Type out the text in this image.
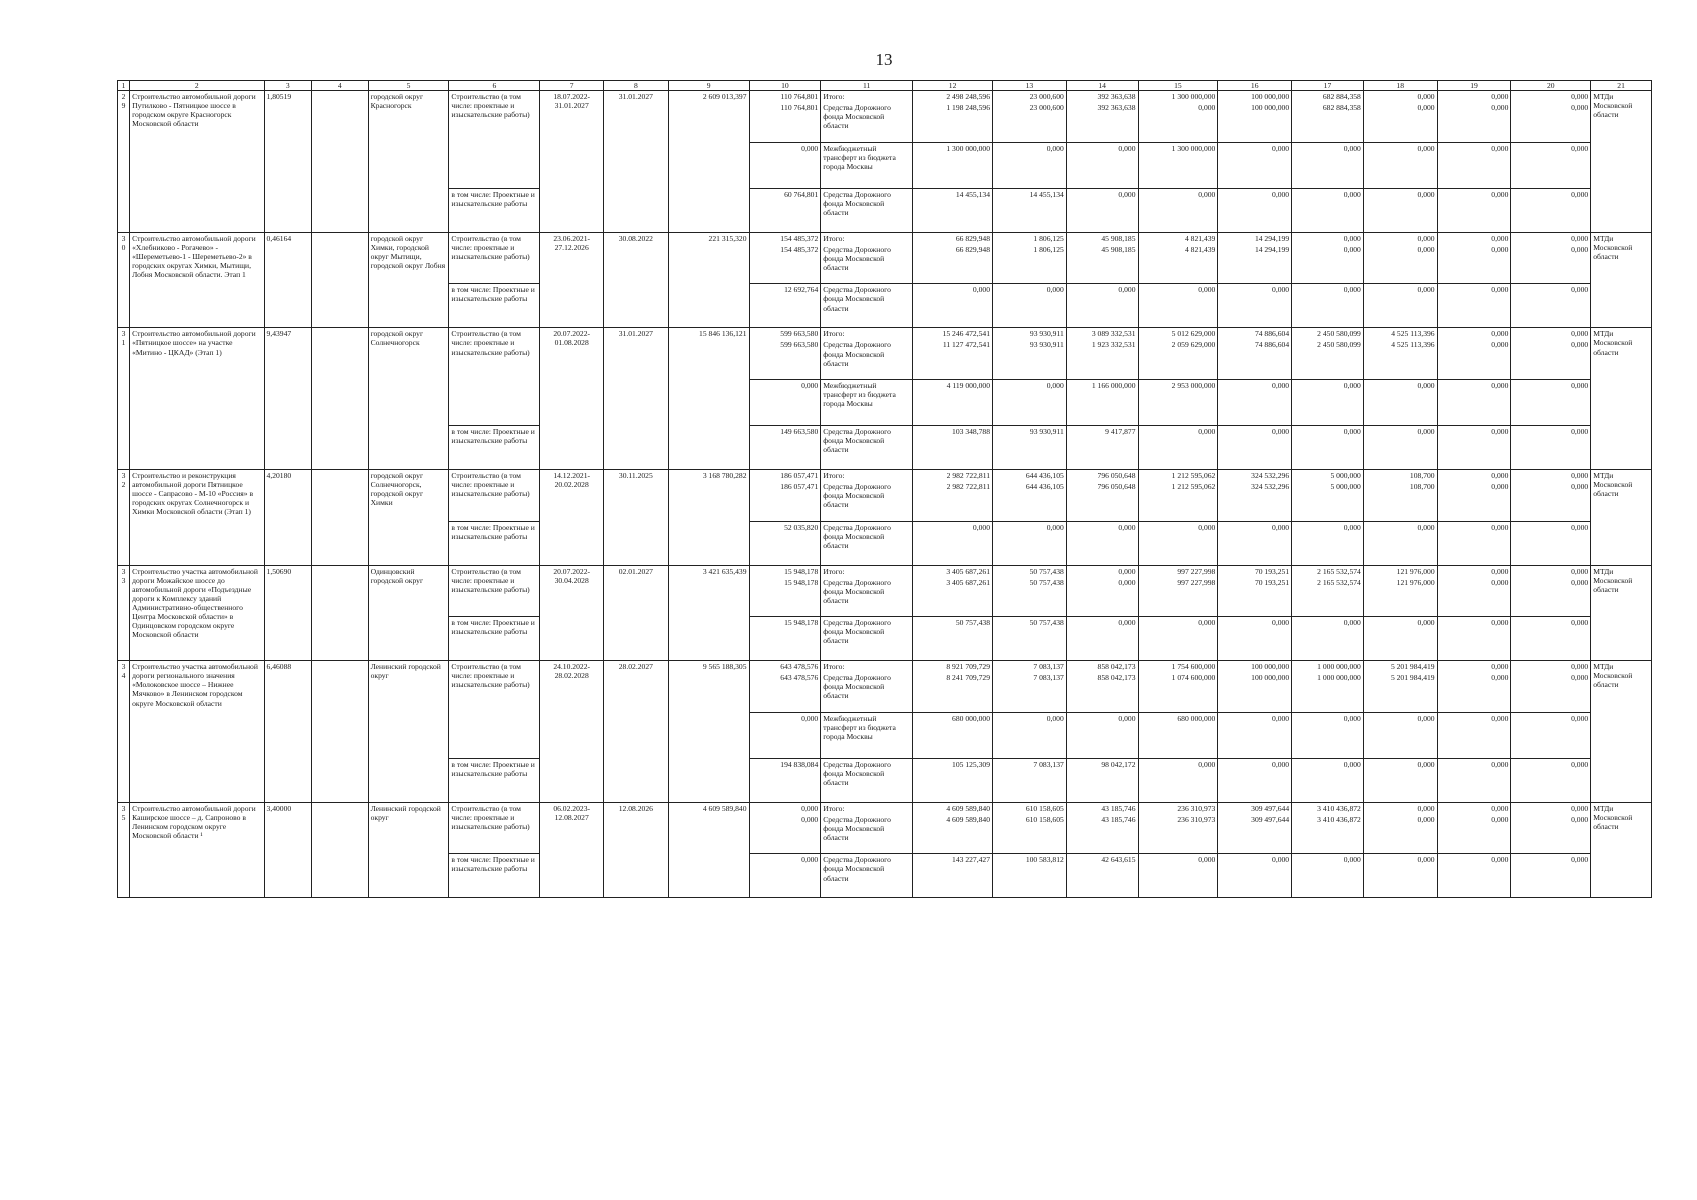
13
1	2	3	4	5	6	7	8	9	10	11	12	13	14	15	16	17	18	19	20	21
29	Строительство автомобильной дороги Путилково - Пятницкое шоссе в городском округе Красногорск Московской области	1,80519		городской округ Красногорск	Строительство (в том числе: проектные и изыскательские работы)	18.07.2022-31.01.2027	31.01.2027	2 609 013,397	110 764,801	Итого:	2 498 248,596	23 000,600	392 363,638	1 300 000,000	100 000,000	682 884,358	0,000	0,000	0,000	МТДи Московской области
									110 764,801	Средства Дорожного фонда Московской области	1 198 248,596	23 000,600	392 363,638	0,000	100 000,000	682 884,358	0,000	0,000	0,000	
									0,000	Межбюджетный трансферт из бюджета города Москвы	1 300 000,000	0,000	0,000	1 300 000,000	0,000	0,000	0,000	0,000	0,000	
					в том числе: Проектные и изыскательские работы				60 764,801	Средства Дорожного фонда Московской области	14 455,134	14 455,134	0,000	0,000	0,000	0,000	0,000	0,000	0,000	
30	Строительство автомобильной дороги «Хлебниково - Рогачево» - «Шереметьево-1 - Шереметьево-2» в городских округах Химки, Мытищи, Лобня Московской области. Этап 1	0,46164		городской округ Химки, городской округ Мытищи, городской округ Лобня	Строительство (в том числе: проектные и изыскательские работы)	23.06.2021-27.12.2026	30.08.2022	221 315,320	154 485,372	Итого:	66 829,948	1 806,125	45 908,185	4 821,439	14 294,199	0,000	0,000	0,000	0,000	МТДи Московской области
									154 485,372	Средства Дорожного фонда Московской области	66 829,948	1 806,125	45 908,185	4 821,439	14 294,199	0,000	0,000	0,000	0,000	
					в том числе: Проектные и изыскательские работы				12 692,764	Средства Дорожного фонда Московской области	0,000	0,000	0,000	0,000	0,000	0,000	0,000	0,000	0,000	
31	Строительство автомобильной дороги «Пятницкое шоссе» на участке «Митино - ЦКАД» (Этап 1)	9,43947		городской округ Солнечногорск	Строительство (в том числе: проектные и изыскательские работы)	20.07.2022-01.08.2028	31.01.2027	15 846 136,121	599 663,580	Итого:	15 246 472,541	93 930,911	3 089 332,531	5 012 629,000	74 886,604	2 450 580,099	4 525 113,396	0,000	0,000	МТДи Московской области
									599 663,580	Средства Дорожного фонда Московской области	11 127 472,541	93 930,911	1 923 332,531	2 059 629,000	74 886,604	2 450 580,099	4 525 113,396	0,000	0,000	
									0,000	Межбюджетный трансферт из бюджета города Москвы	4 119 000,000	0,000	1 166 000,000	2 953 000,000	0,000	0,000	0,000	0,000	0,000	
					в том числе: Проектные и изыскательские работы				149 663,580	Средства Дорожного фонда Московской области	103 348,788	93 930,911	9 417,877	0,000	0,000	0,000	0,000	0,000	0,000	
32	Строительство и реконструкция автомобильной дороги Пятницкое шоссе - Сапрасово - М-10 «Россия» в городских округах Солнечногорск и Химки Московской области (Этап 1)	4,20180		городской округ Солнечногорск, городской округ Химки	Строительство (в том числе: проектные и изыскательские работы)	14.12.2021-20.02.2028	30.11.2025	3 168 780,282	186 057,471	Итого:	2 982 722,811	644 436,105	796 050,648	1 212 595,062	324 532,296	5 000,000	108,700	0,000	0,000	МТДи Московской области
									186 057,471	Средства Дорожного фонда Московской области	2 982 722,811	644 436,105	796 050,648	1 212 595,062	324 532,296	5 000,000	108,700	0,000	0,000	
					в том числе: Проектные и изыскательские работы				52 035,820	Средства Дорожного фонда Московской области	0,000	0,000	0,000	0,000	0,000	0,000	0,000	0,000	0,000	
33	Строительство участка автомобильной дороги Можайское шоссе до автомобильной дороги «Подъездные дороги к Комплексу зданий Административно-общественного Центра Московской области» в Одинцовском городском округе Московской области	1,50690		Одинцовский городской округ	Строительство (в том числе: проектные и изыскательские работы)	20.07.2022-30.04.2028	02.01.2027	3 421 635,439	15 948,178	Итого:	3 405 687,261	50 757,438	0,000	997 227,998	70 193,251	2 165 532,574	121 976,000	0,000	0,000	МТДи Московской области
									15 948,178	Средства Дорожного фонда Московской области	3 405 687,261	50 757,438	0,000	997 227,998	70 193,251	2 165 532,574	121 976,000	0,000	0,000	
					в том числе: Проектные и изыскательские работы				15 948,178	Средства Дорожного фонда Московской области	50 757,438	50 757,438	0,000	0,000	0,000	0,000	0,000	0,000	0,000	
34	Строительство участка автомобильной дороги регионального значения «Молоковское шоссе – Нижнее Мячково» в Ленинском городском округе Московской области	6,46088		Ленинский городской округ	Строительство (в том числе: проектные и изыскательские работы)	24.10.2022-28.02.2028	28.02.2027	9 565 188,305	643 478,576	Итого:	8 921 709,729	7 083,137	858 042,173	1 754 600,000	100 000,000	1 000 000,000	5 201 984,419	0,000	0,000	МТДи Московской области
									643 478,576	Средства Дорожного фонда Московской области	8 241 709,729	7 083,137	858 042,173	1 074 600,000	100 000,000	1 000 000,000	5 201 984,419	0,000	0,000	
									0,000	Межбюджетный трансферт из бюджета города Москвы	680 000,000	0,000	0,000	680 000,000	0,000	0,000	0,000	0,000	0,000	
					в том числе: Проектные и изыскательские работы				194 838,084	Средства Дорожного фонда Московской области	105 125,309	7 083,137	98 042,172	0,000	0,000	0,000	0,000	0,000	0,000	
35	Строительство автомобильной дороги Каширское шоссе – д. Сапроново в Ленинском городском округе Московской области ¹	3,40000		Ленинский городской округ	Строительство (в том числе: проектные и изыскательские работы)	06.02.2023-12.08.2027	12.08.2026	4 609 589,840	0,000	Итого:	4 609 589,840	610 158,605	43 185,746	236 310,973	309 497,644	3 410 436,872	0,000	0,000	0,000	МТДи Московской области
									0,000	Средства Дорожного фонда Московской области	4 609 589,840	610 158,605	43 185,746	236 310,973	309 497,644	3 410 436,872	0,000	0,000	0,000	
					в том числе: Проектные и изыскательские работы				0,000	Средства Дорожного фонда Московской области	143 227,427	100 583,812	42 643,615	0,000	0,000	0,000	0,000	0,000	0,000	
